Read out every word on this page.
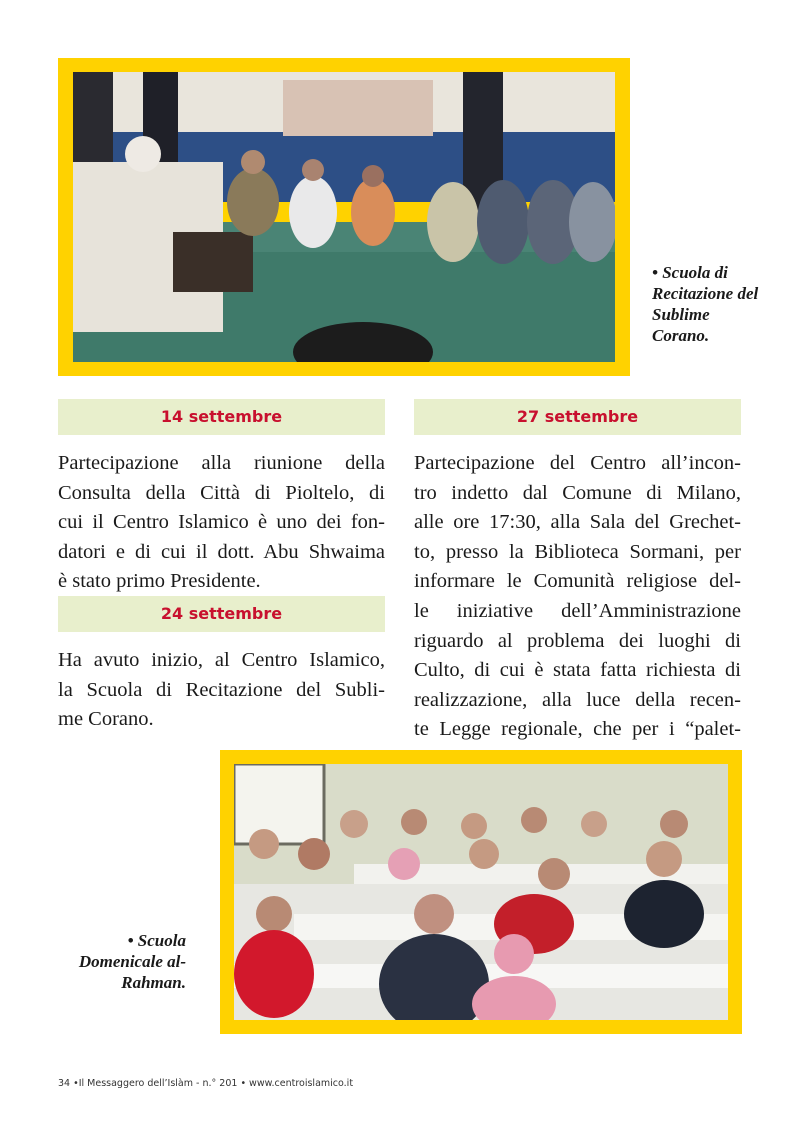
• Scuola di Recitazione del Sublime Corano.
14 settembre

Partecipazione alla riunione della
Consulta della Città di Pioltelo, di
cui il Centro Islamico è uno dei fon-
datori e di cui il dott. Abu Shwaima
è stato primo Presidente.

24 settembre

Ha avuto inizio, al Centro Islamico,
la Scuola di Recitazione del Subli-
me Corano.

27 settembre

Partecipazione del Centro all’incon-
tro indetto dal Comune di Milano,
alle ore 17:30, alla Sala del Grechet-
to, presso la Biblioteca Sormani, per
informare le Comunità religiose del-
le iniziative dell’Amministrazione
riguardo al problema dei luoghi di
Culto, di cui è stata fatta richiesta di
realizzazione, alla luce della recen-
te Legge regionale, che per i “palet-

• Scuola Domenicale al-Rahman.
34 •Il Messaggero dell’Islàm - n.° 201 • www.centroislamico.it
